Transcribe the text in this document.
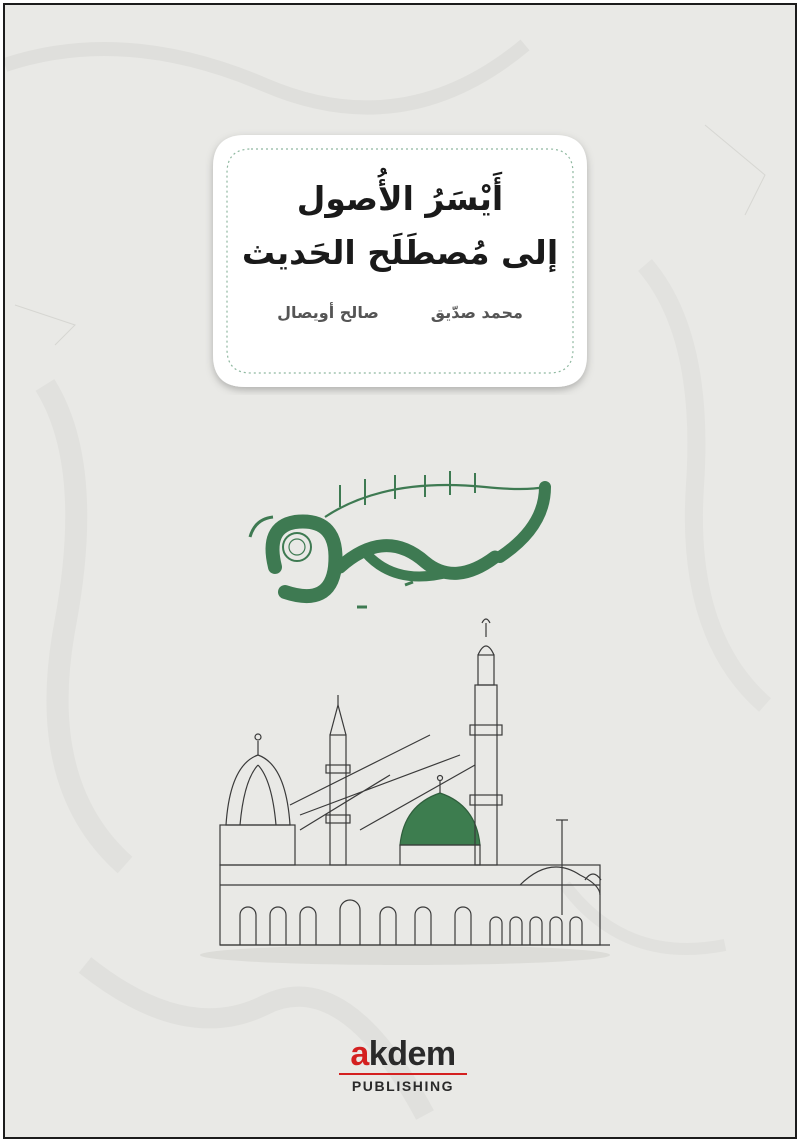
أَيْسَرُ الأُصول
إلى مُصطَلَح الحَديث
محمد صدّيق
صالح أويصال
akdem
PUBLISHING
